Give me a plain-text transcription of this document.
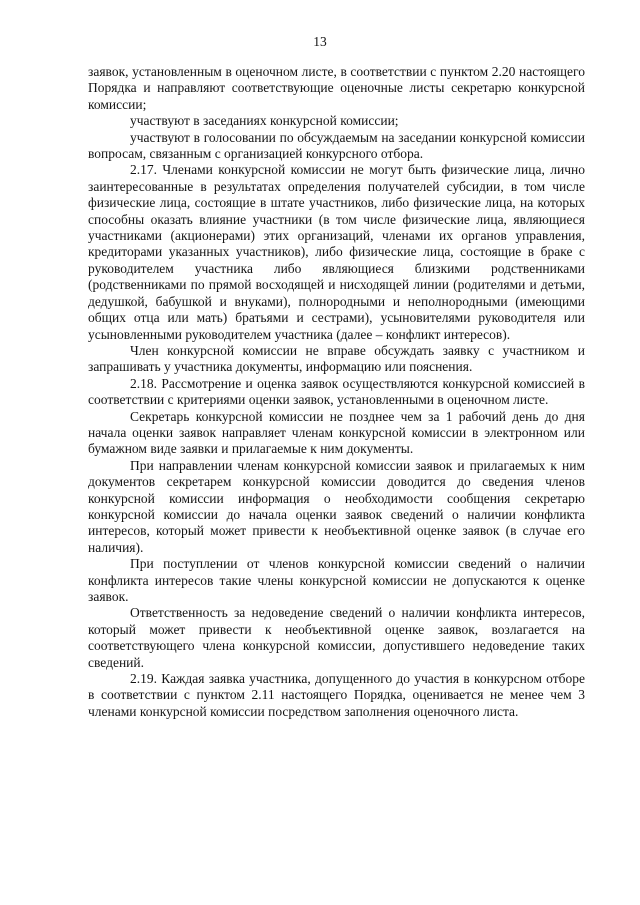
13

заявок, установленным в оценочном листе, в соответствии с пунктом 2.20 настоящего Порядка и направляют соответствующие оценочные листы секретарю конкурсной комиссии;

участвуют в заседаниях конкурсной комиссии;

участвуют в голосовании по обсуждаемым на заседании конкурсной комиссии вопросам, связанным с организацией конкурсного отбора.

2.17. Членами конкурсной комиссии не могут быть физические лица, лично заинтересованные в результатах определения получателей субсидии, в том числе физические лица, состоящие в штате участников, либо физические лица, на которых способны оказать влияние участники (в том числе физические лица, являющиеся участниками (акционерами) этих организаций, членами их органов управления, кредиторами указанных участников), либо физические лица, состоящие в браке с руководителем участника либо являющиеся близкими родственниками (родственниками по прямой восходящей и нисходящей линии (родителями и детьми, дедушкой, бабушкой и внуками), полнородными и неполнородными (имеющими общих отца или мать) братьями и сестрами), усыновителями руководителя или усыновленными руководителем участника (далее – конфликт интересов).

Член конкурсной комиссии не вправе обсуждать заявку с участником и запрашивать у участника документы, информацию или пояснения.

2.18. Рассмотрение и оценка заявок осуществляются конкурсной комиссией в соответствии с критериями оценки заявок, установленными в оценочном листе.

Секретарь конкурсной комиссии не позднее чем за 1 рабочий день до дня начала оценки заявок направляет членам конкурсной комиссии в электронном или бумажном виде заявки и прилагаемые к ним документы.

При направлении членам конкурсной комиссии заявок и прилагаемых к ним документов секретарем конкурсной комиссии доводится до сведения членов конкурсной комиссии информация о необходимости сообщения секретарю конкурсной комиссии до начала оценки заявок сведений о наличии конфликта интересов, который может привести к необъективной оценке заявок (в случае его наличия).

При поступлении от членов конкурсной комиссии сведений о наличии конфликта интересов такие члены конкурсной комиссии не допускаются к оценке заявок.

Ответственность за недоведение сведений о наличии конфликта интересов, который может привести к необъективной оценке заявок, возлагается на соответствующего члена конкурсной комиссии, допустившего недоведение таких сведений.

2.19. Каждая заявка участника, допущенного до участия в конкурсном отборе в соответствии с пунктом 2.11 настоящего Порядка, оценивается не менее чем 3 членами конкурсной комиссии посредством заполнения оценочного листа.
